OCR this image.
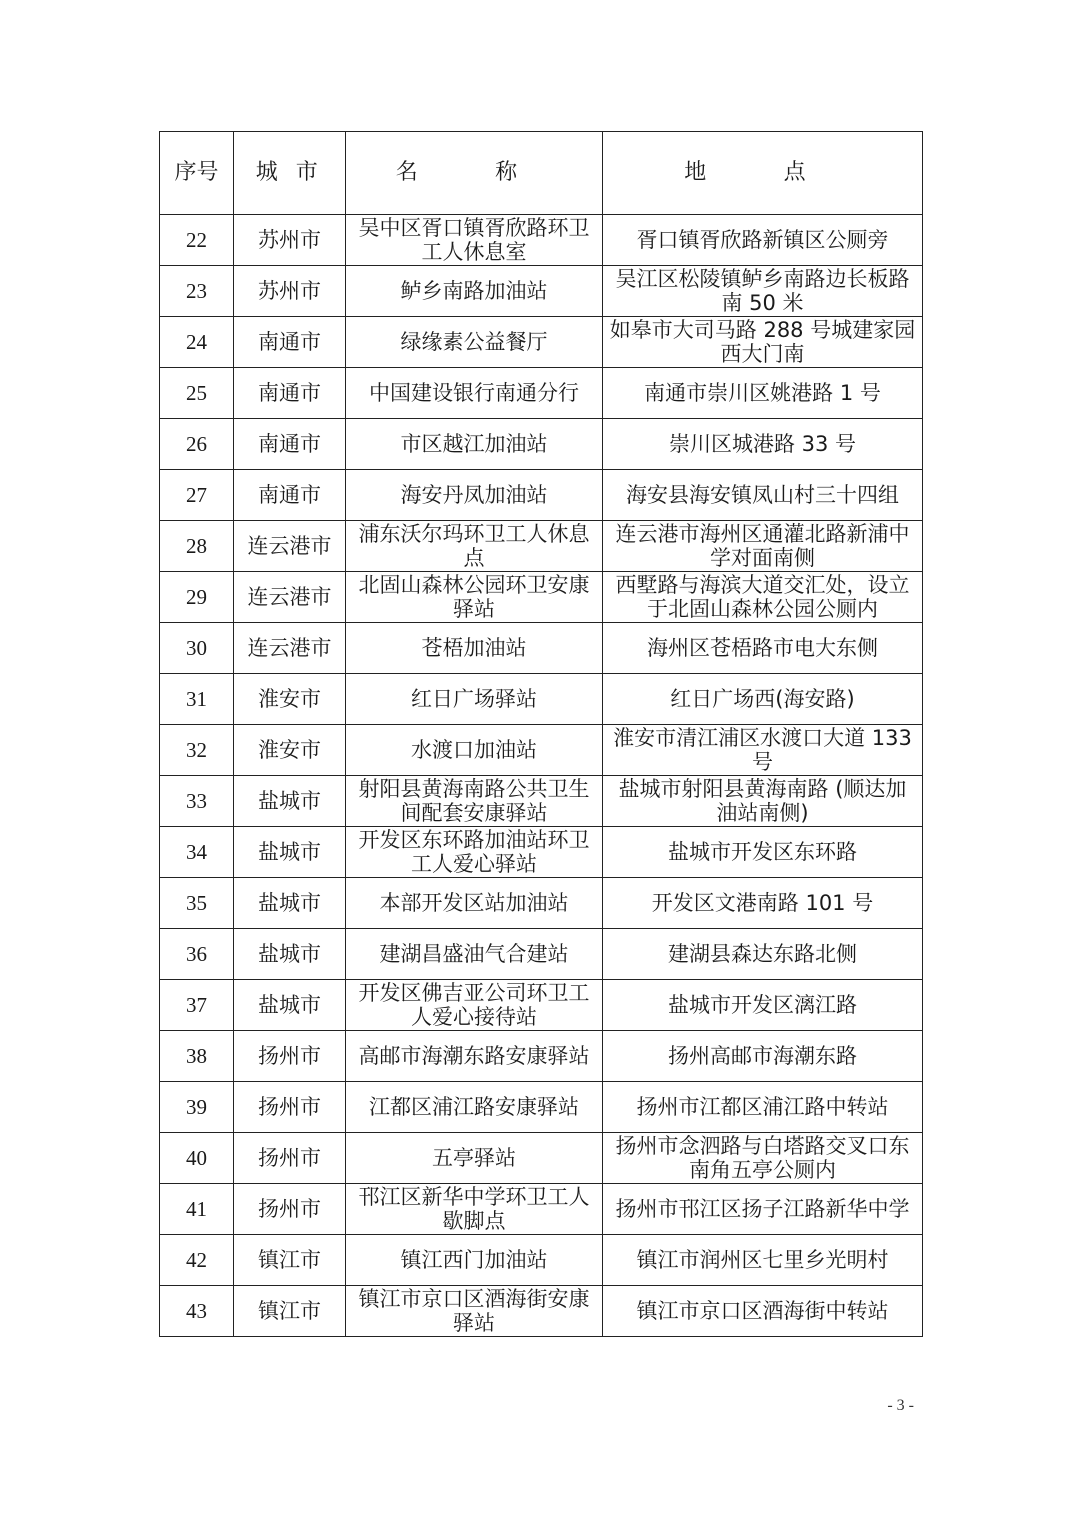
序号	城 市	名 称	地 点
22	苏州市	吴中区胥口镇胥欣路环卫工人休息室	胥口镇胥欣路新镇区公厕旁
23	苏州市	鲈乡南路加油站	吴江区松陵镇鲈乡南路边长板路南 50 米
24	南通市	绿缘素公益餐厅	如皋市大司马路 288 号城建家园西大门南
25	南通市	中国建设银行南通分行	南通市崇川区姚港路 1 号
26	南通市	市区越江加油站	崇川区城港路 33 号
27	南通市	海安丹凤加油站	海安县海安镇凤山村三十四组
28	连云港市	浦东沃尔玛环卫工人休息点	连云港市海州区通灌北路新浦中学对面南侧
29	连云港市	北固山森林公园环卫安康驿站	西墅路与海滨大道交汇处，设立于北固山森林公园公厕内
30	连云港市	苍梧加油站	海州区苍梧路市电大东侧
31	淮安市	红日广场驿站	红日广场西(海安路)
32	淮安市	水渡口加油站	淮安市清江浦区水渡口大道 133 号
33	盐城市	射阳县黄海南路公共卫生间配套安康驿站	盐城市射阳县黄海南路 (顺达加油站南侧)
34	盐城市	开发区东环路加油站环卫工人爱心驿站	盐城市开发区东环路
35	盐城市	本部开发区站加油站	开发区文港南路 101 号
36	盐城市	建湖昌盛油气合建站	建湖县森达东路北侧
37	盐城市	开发区佛吉亚公司环卫工人爱心接待站	盐城市开发区漓江路
38	扬州市	高邮市海潮东路安康驿站	扬州高邮市海潮东路
39	扬州市	江都区浦江路安康驿站	扬州市江都区浦江路中转站
40	扬州市	五亭驿站	扬州市念泗路与白塔路交叉口东南角五亭公厕内
41	扬州市	邗江区新华中学环卫工人歇脚点	扬州市邗江区扬子江路新华中学
42	镇江市	镇江西门加油站	镇江市润州区七里乡光明村
43	镇江市	镇江市京口区酒海街安康驿站	镇江市京口区酒海街中转站
- 3 -
